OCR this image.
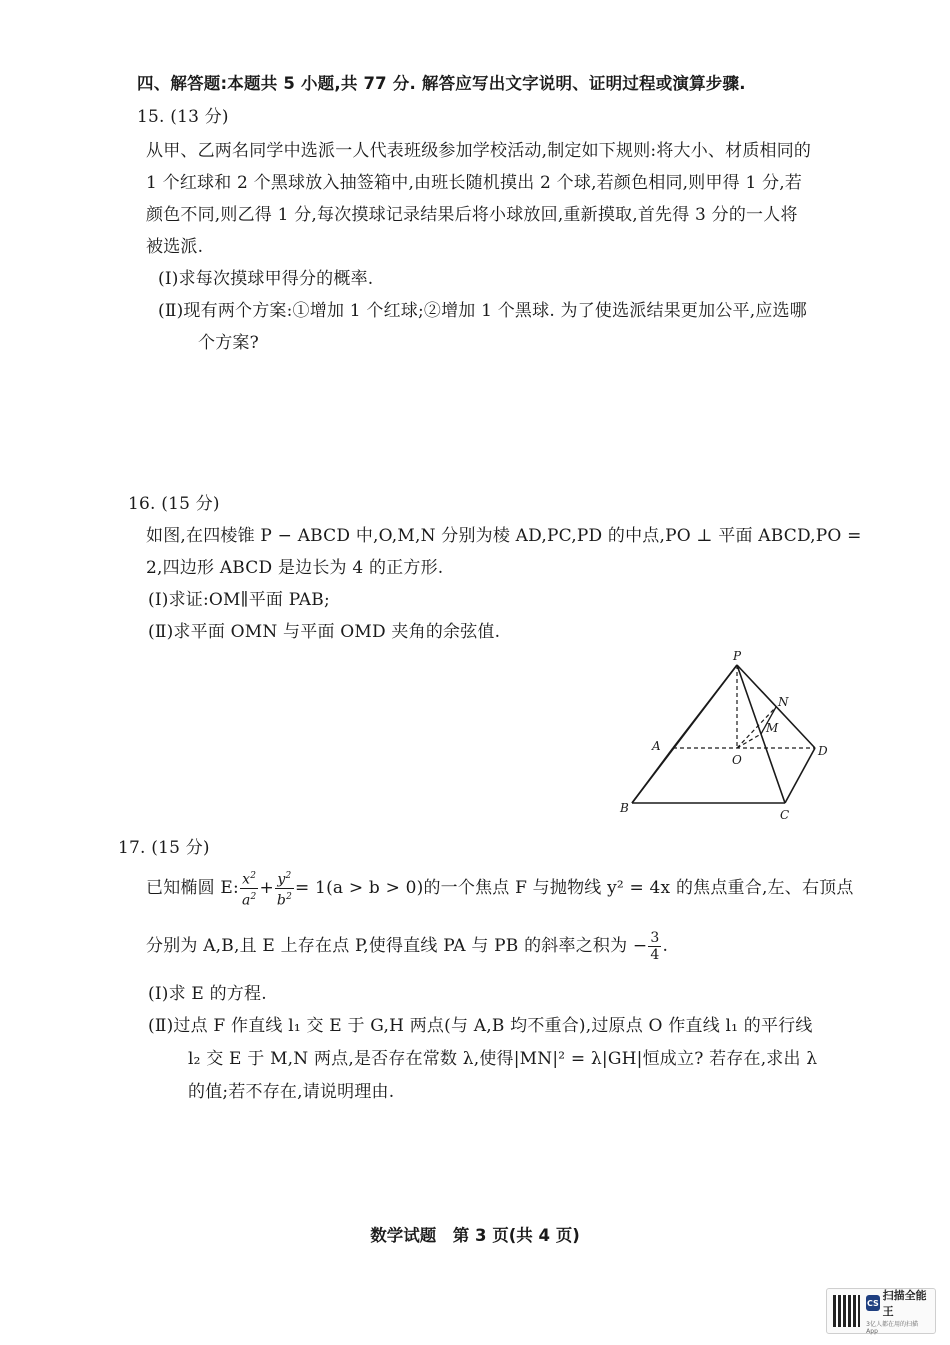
四、解答题:本题共 5 小题,共 77 分. 解答应写出文字说明、证明过程或演算步骤.
15. (13 分)
从甲、乙两名同学中选派一人代表班级参加学校活动,制定如下规则:将大小、材质相同的
1 个红球和 2 个黑球放入抽签箱中,由班长随机摸出 2 个球,若颜色相同,则甲得 1 分,若
颜色不同,则乙得 1 分,每次摸球记录结果后将小球放回,重新摸取,首先得 3 分的一人将
被选派.
(Ⅰ)求每次摸球甲得分的概率.
(Ⅱ)现有两个方案:①增加 1 个红球;②增加 1 个黑球. 为了使选派结果更加公平,应选哪
个方案?
16. (15 分)
如图,在四棱锥 P − ABCD 中,O,M,N 分别为棱 AD,PC,PD 的中点,PO ⊥ 平面 ABCD,PO =
2,四边形 ABCD 是边长为 4 的正方形.
(Ⅰ)求证:OM∥平面 PAB;
(Ⅱ)求平面 OMN 与平面 OMD 夹角的余弦值.
P
N
M
A
O
D
B	C
17. (15 分)
已知椭圆 E: $\frac{x^2}{a^2} + \frac{y^2}{b^2} = 1(a > b > 0)$的一个焦点 F 与抛物线 y² = 4x 的焦点重合,左、右顶点
分别为 A,B,且 E 上存在点 P,使得直线 PA 与 PB 的斜率之积为 − $\frac{3}{4}$ .
(Ⅰ)求 E 的方程.
(Ⅱ)过点 F 作直线 l₁ 交 E 于 G,H 两点(与 A,B 均不重合),过原点 O 作直线 l₁ 的平行线
l₂ 交 E 于 M,N 两点,是否存在常数 λ,使得|MN|² = λ|GH|恒成立? 若存在,求出 λ
的值;若不存在,请说明理由.
数学试题　第 3 页(共 4 页)
CS
扫描全能王
3亿人都在用的扫描App
